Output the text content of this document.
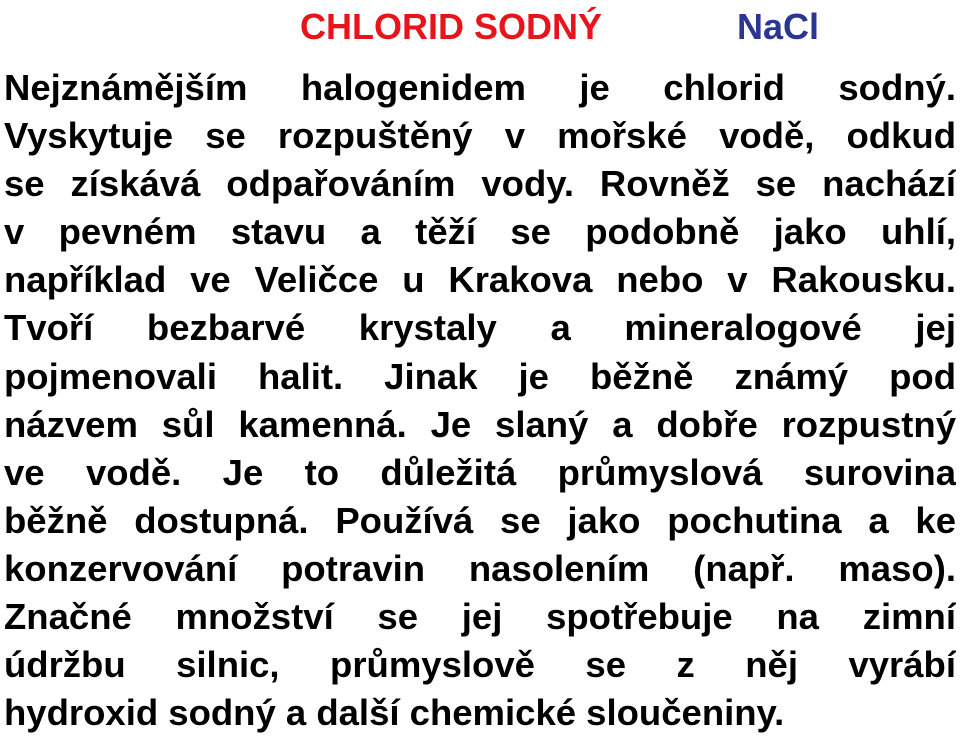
CHLORID SODNÝ	NaCl
Nejznámějším halogenidem je chlorid sodný.
Vyskytuje se rozpuštěný v mořské vodě, odkud
se získává odpařováním vody. Rovněž se nachází
v pevném stavu a těží se podobně jako uhlí,
například ve Veličce u Krakova nebo v Rakousku.
Tvoří bezbarvé krystaly a mineralogové jej
pojmenovali halit. Jinak je běžně známý pod
názvem sůl kamenná. Je slaný a dobře rozpustný
ve vodě. Je to důležitá průmyslová surovina
běžně dostupná. Používá se jako pochutina a ke
konzervování potravin nasolením (např. maso).
Značné množství se jej spotřebuje na zimní
údržbu silnic, průmyslově se z něj vyrábí
hydroxid sodný a další chemické sloučeniny.
